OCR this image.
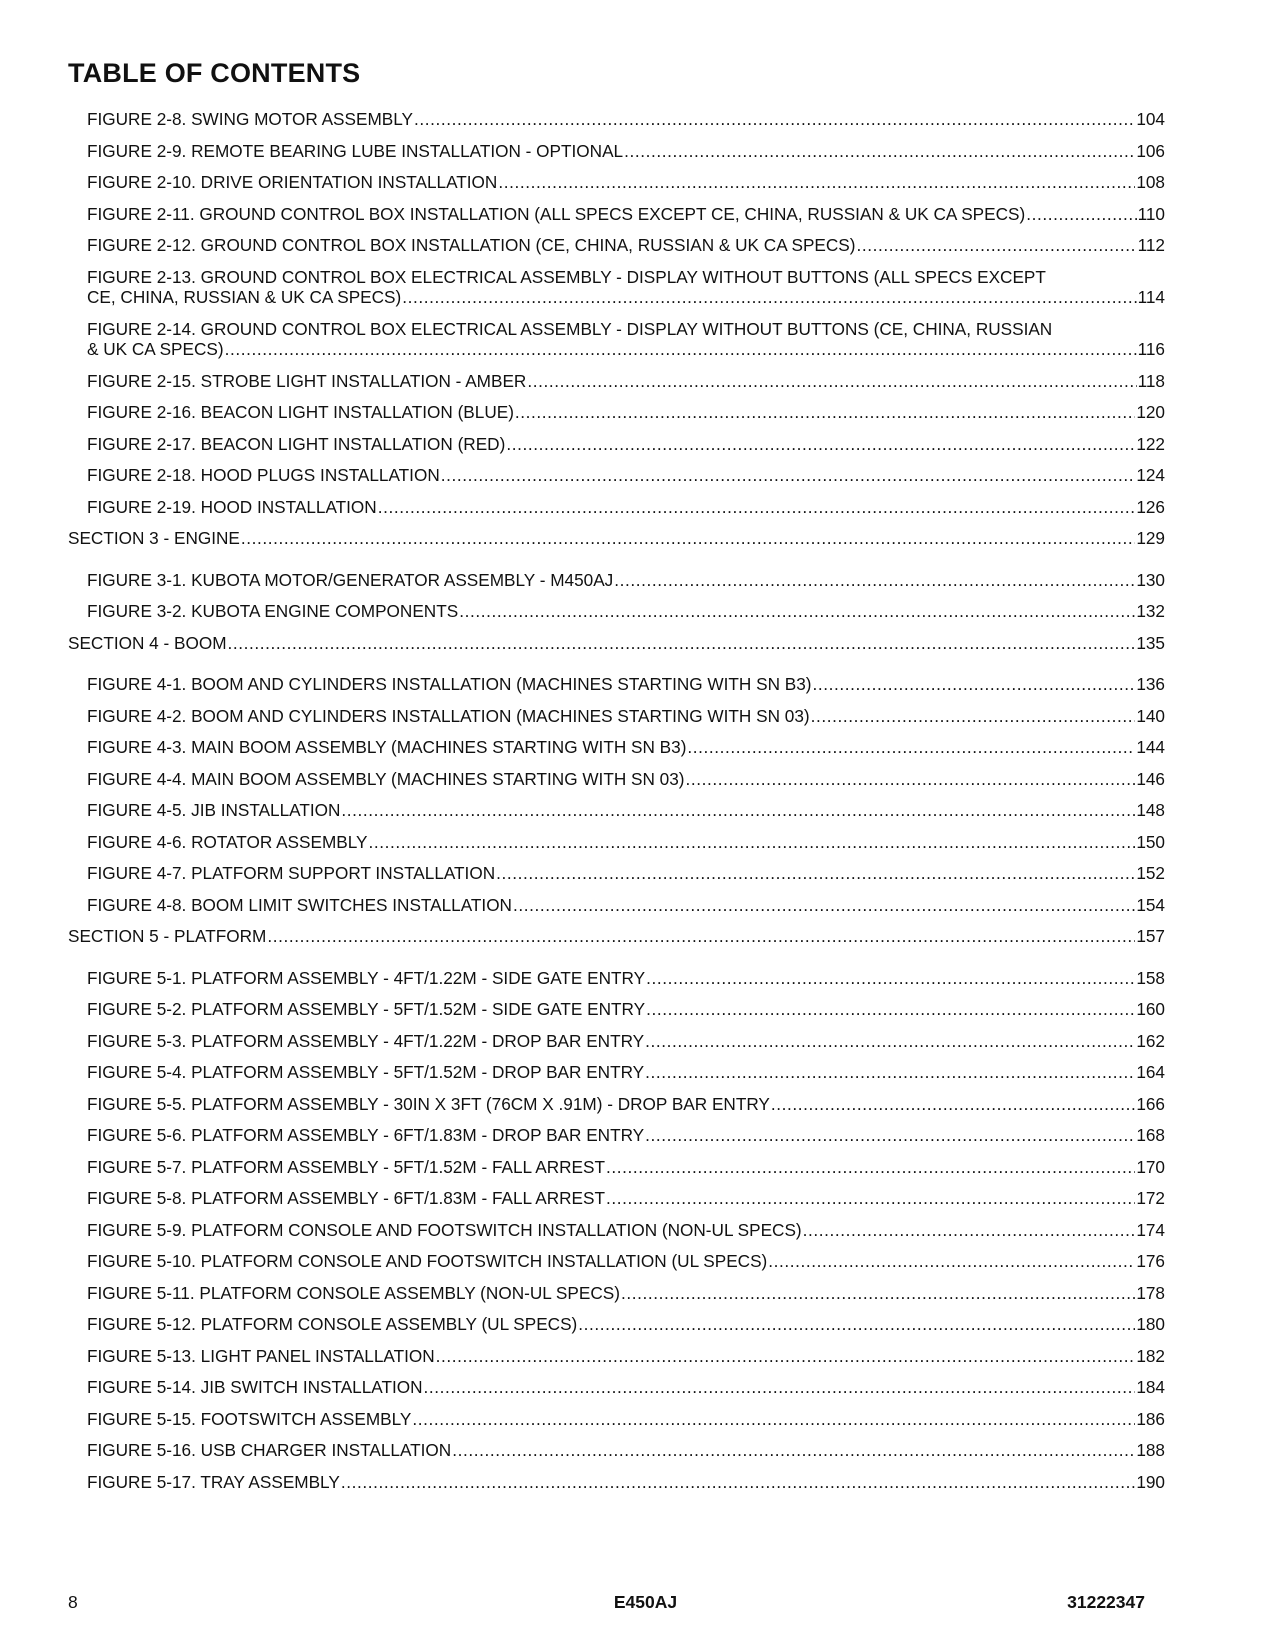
TABLE OF CONTENTS
FIGURE 2-8. SWING MOTOR ASSEMBLY .....	104
FIGURE 2-9. REMOTE BEARING LUBE INSTALLATION - OPTIONAL .....	106
FIGURE 2-10. DRIVE ORIENTATION INSTALLATION .....	108
FIGURE 2-11. GROUND CONTROL BOX INSTALLATION (ALL SPECS EXCEPT CE, CHINA, RUSSIAN & UK CA SPECS) .....	110
FIGURE 2-12. GROUND CONTROL BOX INSTALLATION (CE, CHINA, RUSSIAN & UK CA SPECS) .....	112
FIGURE 2-13. GROUND CONTROL BOX ELECTRICAL ASSEMBLY - DISPLAY WITHOUT BUTTONS (ALL SPECS EXCEPT
CE, CHINA, RUSSIAN & UK CA SPECS) .....	114
FIGURE 2-14. GROUND CONTROL BOX ELECTRICAL ASSEMBLY - DISPLAY WITHOUT BUTTONS (CE, CHINA, RUSSIAN
& UK CA SPECS) .....	116
FIGURE 2-15. STROBE LIGHT INSTALLATION - AMBER .....	118
FIGURE 2-16. BEACON LIGHT INSTALLATION (BLUE) .....	120
FIGURE 2-17. BEACON LIGHT INSTALLATION (RED) .....	122
FIGURE 2-18. HOOD PLUGS INSTALLATION .....	124
FIGURE 2-19. HOOD INSTALLATION .....	126
SECTION 3 - ENGINE .....	129
FIGURE 3-1. KUBOTA MOTOR/GENERATOR ASSEMBLY - M450AJ .....	130
FIGURE 3-2. KUBOTA ENGINE COMPONENTS .....	132
SECTION 4 - BOOM .....	135
FIGURE 4-1. BOOM AND CYLINDERS INSTALLATION (MACHINES STARTING WITH SN B3) .....	136
FIGURE 4-2. BOOM AND CYLINDERS INSTALLATION (MACHINES STARTING WITH SN 03) .....	140
FIGURE 4-3. MAIN BOOM ASSEMBLY (MACHINES STARTING WITH SN B3) .....	144
FIGURE 4-4. MAIN BOOM ASSEMBLY (MACHINES STARTING WITH SN 03) .....	146
FIGURE 4-5. JIB INSTALLATION .....	148
FIGURE 4-6. ROTATOR ASSEMBLY .....	150
FIGURE 4-7. PLATFORM SUPPORT INSTALLATION .....	152
FIGURE 4-8. BOOM LIMIT SWITCHES INSTALLATION .....	154
SECTION 5 - PLATFORM .....	157
FIGURE 5-1. PLATFORM ASSEMBLY - 4FT/1.22M - SIDE GATE ENTRY .....	158
FIGURE 5-2. PLATFORM ASSEMBLY - 5FT/1.52M - SIDE GATE ENTRY .....	160
FIGURE 5-3. PLATFORM ASSEMBLY - 4FT/1.22M - DROP BAR ENTRY .....	162
FIGURE 5-4. PLATFORM ASSEMBLY - 5FT/1.52M - DROP BAR ENTRY .....	164
FIGURE 5-5. PLATFORM ASSEMBLY - 30IN X 3FT (76CM X .91M) - DROP BAR ENTRY .....	166
FIGURE 5-6. PLATFORM ASSEMBLY - 6FT/1.83M - DROP BAR ENTRY .....	168
FIGURE 5-7. PLATFORM ASSEMBLY - 5FT/1.52M - FALL ARREST .....	170
FIGURE 5-8. PLATFORM ASSEMBLY - 6FT/1.83M - FALL ARREST .....	172
FIGURE 5-9. PLATFORM CONSOLE AND FOOTSWITCH INSTALLATION (NON-UL SPECS) .....	174
FIGURE 5-10. PLATFORM CONSOLE AND FOOTSWITCH INSTALLATION (UL SPECS) .....	176
FIGURE 5-11. PLATFORM CONSOLE ASSEMBLY (NON-UL SPECS) .....	178
FIGURE 5-12. PLATFORM CONSOLE ASSEMBLY (UL SPECS) .....	180
FIGURE 5-13. LIGHT PANEL INSTALLATION .....	182
FIGURE 5-14. JIB SWITCH INSTALLATION .....	184
FIGURE 5-15. FOOTSWITCH ASSEMBLY .....	186
FIGURE 5-16. USB CHARGER INSTALLATION .....	188
FIGURE 5-17. TRAY ASSEMBLY .....	190
8	E450AJ	31222347
